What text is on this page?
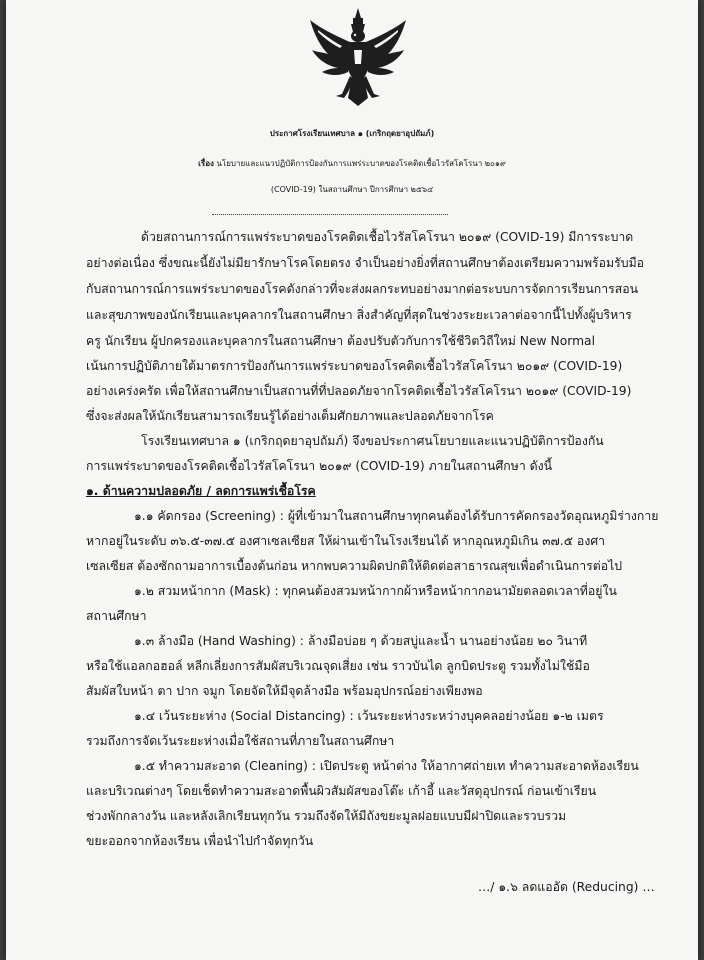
ประกาศโรงเรียนเทศบาล ๑ (เกริกฤดยาอุปถัมภ์)
เรื่อง นโยบายและแนวปฏิบัติการป้องกันการแพร่ระบาดของโรคติดเชื้อไวรัสโคโรนา ๒๐๑๙
(COVID-19) ในสถานศึกษา ปีการศึกษา ๒๕๖๔
ด้วยสถานการณ์การแพร่ระบาดของโรคติดเชื้อไวรัสโคโรนา ๒๐๑๙ (COVID-19) มีการระบาด
อย่างต่อเนื่อง ซึ่งขณะนี้ยังไม่มียารักษาโรคโดยตรง จำเป็นอย่างยิ่งที่สถานศึกษาต้องเตรียมความพร้อมรับมือ
กับสถานการณ์การแพร่ระบาดของโรคดังกล่าวที่จะส่งผลกระทบอย่างมากต่อระบบการจัดการเรียนการสอน
และสุขภาพของนักเรียนและบุคลากรในสถานศึกษา สิ่งสำคัญที่สุดในช่วงระยะเวลาต่อจากนี้ไปทั้งผู้บริหาร
ครู นักเรียน ผู้ปกครองและบุคลากรในสถานศึกษา ต้องปรับตัวกับการใช้ชีวิตวิถีใหม่ New Normal
เน้นการปฏิบัติภายใต้มาตรการป้องกันการแพร่ระบาดของโรคติดเชื้อไวรัสโคโรนา ๒๐๑๙ (COVID-19)
อย่างเคร่งครัด เพื่อให้สถานศึกษาเป็นสถานที่ที่ปลอดภัยจากโรคติดเชื้อไวรัสโคโรนา ๒๐๑๙ (COVID-19)
ซึ่งจะส่งผลให้นักเรียนสามารถเรียนรู้ได้อย่างเต็มศักยภาพและปลอดภัยจากโรค
โรงเรียนเทศบาล ๑ (เกริกฤดยาอุปถัมภ์) จึงขอประกาศนโยบายและแนวปฏิบัติการป้องกัน
การแพร่ระบาดของโรคติดเชื้อไวรัสโคโรนา ๒๐๑๙ (COVID-19) ภายในสถานศึกษา ดังนี้
๑. ด้านความปลอดภัย / ลดการแพร่เชื้อโรค
๑.๑ คัดกรอง (Screening) : ผู้ที่เข้ามาในสถานศึกษาทุกคนต้องได้รับการคัดกรองวัดอุณหภูมิร่างกาย
หากอยู่ในระดับ ๓๖.๕-๓๗.๕ องศาเซลเซียส ให้ผ่านเข้าในโรงเรียนได้ หากอุณหภูมิเกิน ๓๗.๕ องศา
เซลเซียส ต้องซักถามอาการเบื้องต้นก่อน หากพบความผิดปกติให้ติดต่อสาธารณสุขเพื่อดำเนินการต่อไป
๑.๒ สวมหน้ากาก (Mask) : ทุกคนต้องสวมหน้ากากผ้าหรือหน้ากากอนามัยตลอดเวลาที่อยู่ใน
สถานศึกษา
๑.๓ ล้างมือ (Hand Washing) : ล้างมือบ่อย ๆ ด้วยสบู่และน้ำ นานอย่างน้อย ๒๐ วินาที
หรือใช้แอลกอฮอล์ หลีกเลี่ยงการสัมผัสบริเวณจุดเสี่ยง เช่น ราวบันได ลูกบิดประตู รวมทั้งไม่ใช้มือ
สัมผัสใบหน้า ตา ปาก จมูก โดยจัดให้มีจุดล้างมือ พร้อมอุปกรณ์อย่างเพียงพอ
๑.๔ เว้นระยะห่าง (Social Distancing) : เว้นระยะห่างระหว่างบุคคลอย่างน้อย ๑-๒ เมตร
รวมถึงการจัดเว้นระยะห่างเมื่อใช้สถานที่ภายในสถานศึกษา
๑.๕ ทำความสะอาด (Cleaning) : เปิดประตู หน้าต่าง ให้อากาศถ่ายเท ทำความสะอาดห้องเรียน
และบริเวณต่างๆ โดยเช็ดทำความสะอาดพื้นผิวสัมผัสของโต๊ะ เก้าอี้ และวัสดุอุปกรณ์ ก่อนเข้าเรียน
ช่วงพักกลางวัน และหลังเลิกเรียนทุกวัน รวมถึงจัดให้มีถังขยะมูลฝอยแบบมีฝาปิดและรวบรวม
ขยะออกจากห้องเรียน เพื่อนำไปกำจัดทุกวัน
…/ ๑.๖ ลดแออัด (Reducing) …
